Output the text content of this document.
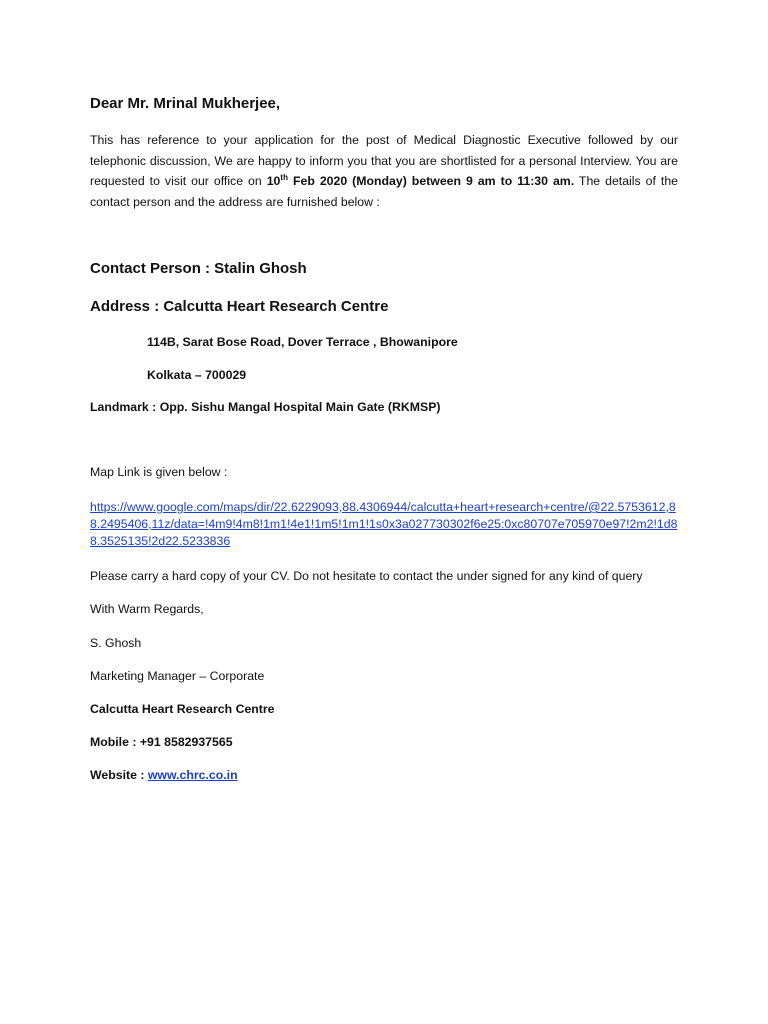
Dear Mr. Mrinal Mukherjee,

This has reference to your application for the post of Medical Diagnostic Executive followed by our telephonic discussion, We are happy to inform you that you are shortlisted for a personal Interview. You are requested to visit our office on 10th Feb 2020 (Monday) between 9 am to 11:30 am. The details of the contact person and the address are furnished below :

Contact Person : Stalin Ghosh

Address : Calcutta Heart Research Centre

114B, Sarat Bose Road, Dover Terrace , Bhowanipore

Kolkata – 700029

Landmark : Opp. Sishu Mangal Hospital Main Gate (RKMSP)

Map Link is given below :

https://www.google.com/maps/dir/22.6229093,88.4306944/calcutta+heart+research+centre/@22.5753612,88.2495406,11z/data=!4m9!4m8!1m1!4e1!1m5!1m1!1s0x3a027730302f6e25:0xc80707e705970e97!2m2!1d88.3525135!2d22.5233836

Please carry a hard copy of your CV. Do not hesitate to contact the under signed for any kind of query

With Warm Regards,

S. Ghosh

Marketing Manager – Corporate

Calcutta Heart Research Centre

Mobile : +91 8582937565

Website : www.chrc.co.in
